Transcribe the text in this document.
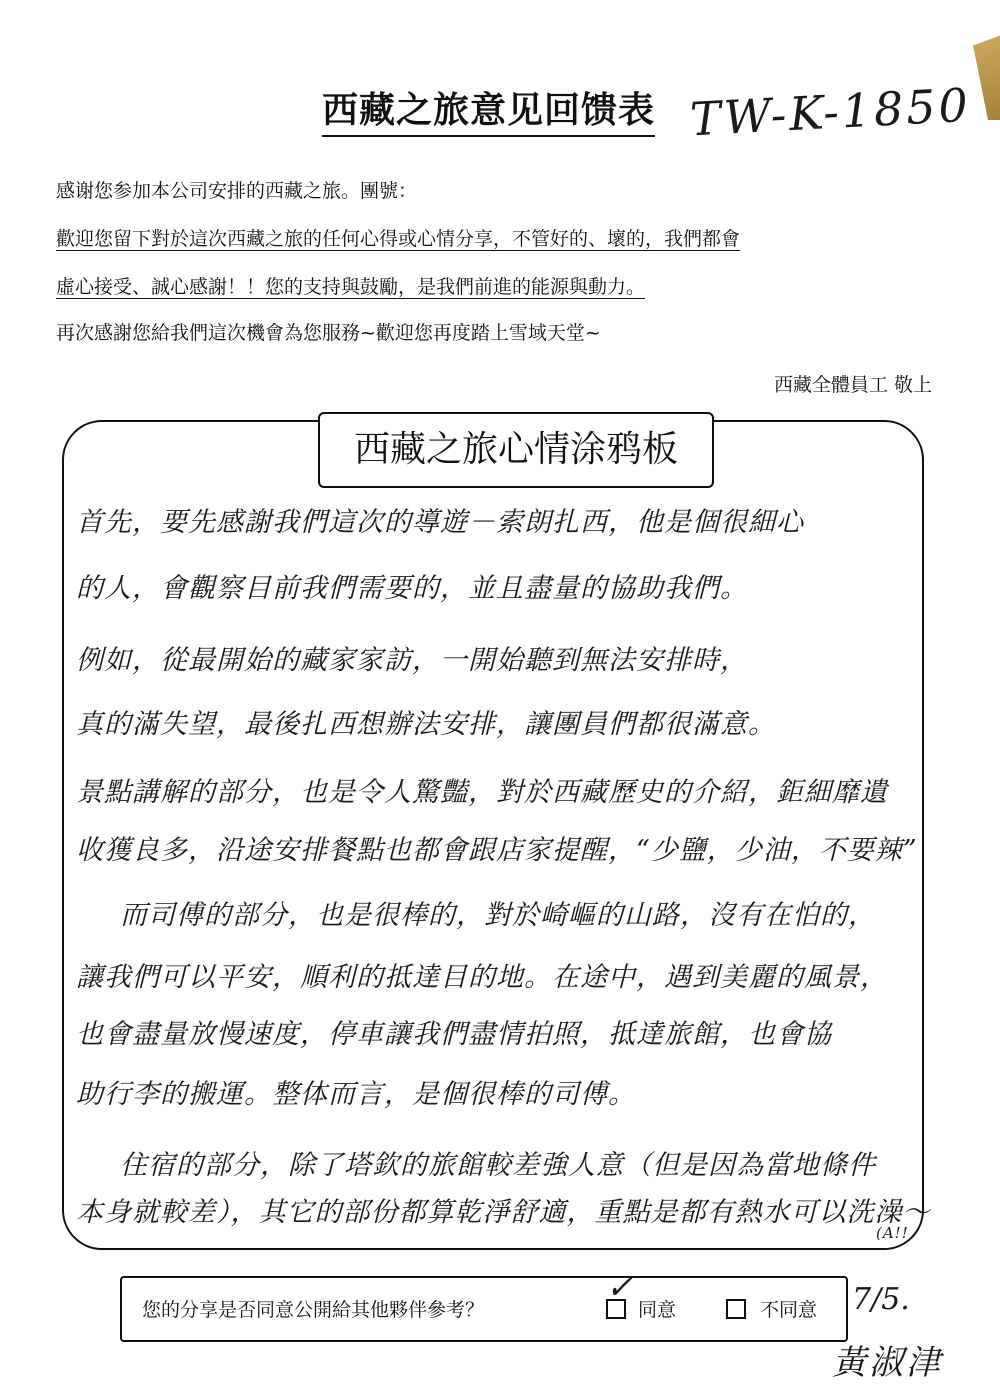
西藏之旅意见回馈表 TW-K-1850
感谢您参加本公司安排的西藏之旅。團號：
歡迎您留下對於這次西藏之旅的任何心得或心情分享，不管好的、壞的，我們都會
虛心接受、誠心感謝！！您的支持與鼓勵，是我們前進的能源與動力。
再次感謝您給我們這次機會為您服務~歡迎您再度踏上雪域天堂~
西藏全體員工 敬上
西藏之旅心情涂鸦板
首先，要先感謝我們這次的導遊－索朗扎西，他是個很細心
的人，會觀察目前我們需要的，並且盡量的協助我們。
例如，從最開始的藏家家訪，一開始聽到無法安排時，
真的滿失望，最後扎西想辦法安排，讓團員們都很滿意。
景點講解的部分，也是令人驚豔，對於西藏歷史的介紹，鉅細靡遺
收獲良多，沿途安排餐點也都會跟店家提醒，“少鹽，少油，不要辣”
而司傅的部分，也是很棒的，對於崎嶇的山路，沒有在怕的，
讓我們可以平安，順利的抵達目的地。在途中，遇到美麗的風景，
也會盡量放慢速度，停車讓我們盡情拍照，抵達旅館，也會協
助行李的搬運。整体而言，是個很棒的司傅。
住宿的部分，除了塔欽的旅館較差強人意（但是因為當地條件
本身就較差），其它的部份都算乾淨舒適，重點是都有熱水可以洗澡～
(A!!
您的分享是否同意公開給其他夥伴參考？
✓
同意	不同意 7/5.
黃淑津
